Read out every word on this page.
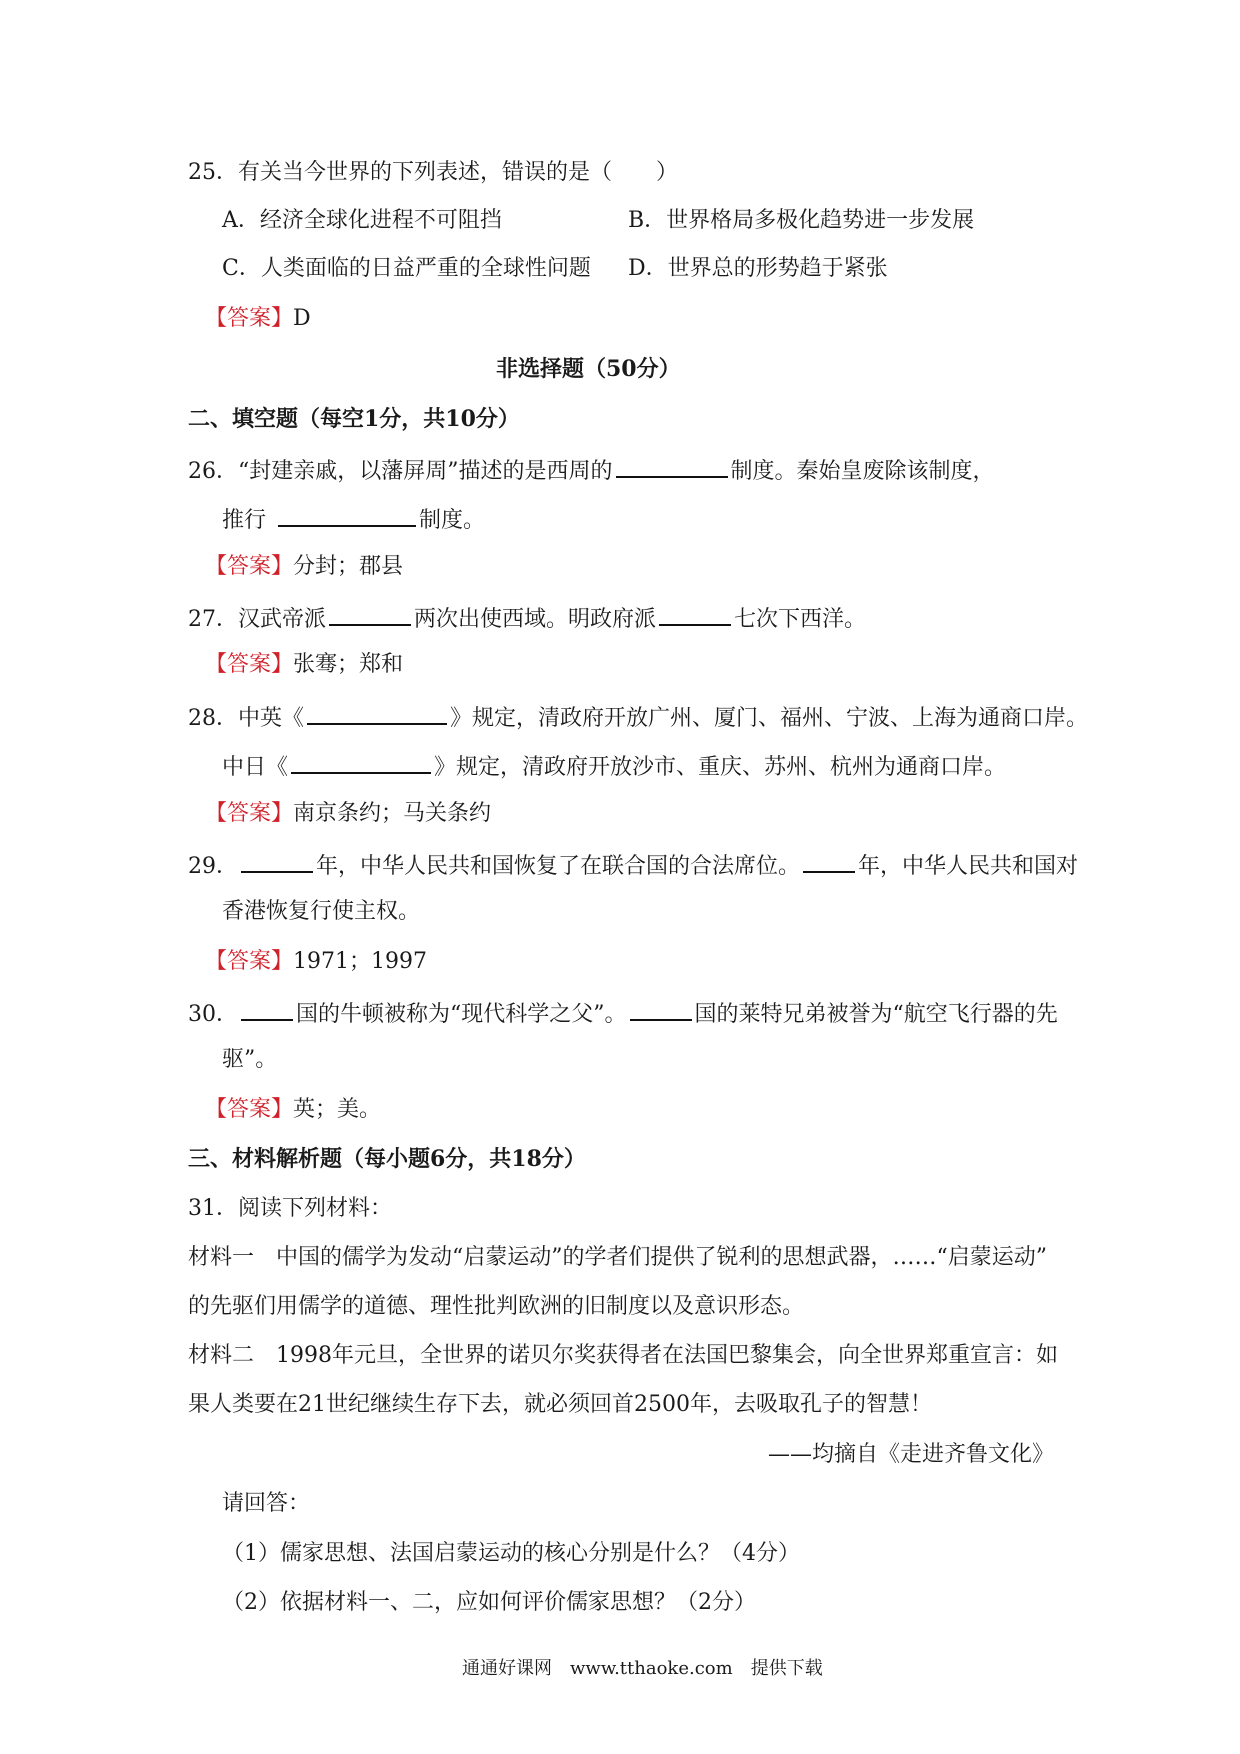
25．有关当今世界的下列表述，错误的是（　　）
A．经济全球化进程不可阻挡	B．世界格局多极化趋势进一步发展
C．人类面临的日益严重的全球性问题 D．世界总的形势趋于紧张
【答案】D
非选择题（50分）
二、填空题（每空1分，共10分）
26．“封建亲戚，以藩屏周”描述的是西周的	制度。秦始皇废除该制度，
推行	制度。
【答案】分封；郡县
27．汉武帝派	两次出使西域。明政府派	七次下西洋。
【答案】张骞；郑和
28．中英《	》规定，清政府开放广州、厦门、福州、宁波、上海为通商口岸。
中日《	》规定，清政府开放沙市、重庆、苏州、杭州为通商口岸。
【答案】南京条约；马关条约
29．	年，中华人民共和国恢复了在联合国的合法席位。	年，中华人民共和国对
香港恢复行使主权。
【答案】1971；1997
30．	国的牛顿被称为“现代科学之父”。	国的莱特兄弟被誉为“航空飞行器的先
驱”。
【答案】英；美。
三、材料解析题（每小题6分，共18分）
31．阅读下列材料：
材料一　中国的儒学为发动“启蒙运动”的学者们提供了锐利的思想武器，……“启蒙运动”
的先驱们用儒学的道德、理性批判欧洲的旧制度以及意识形态。
材料二　1998年元旦，全世界的诺贝尔奖获得者在法国巴黎集会，向全世界郑重宣言：如
果人类要在21世纪继续生存下去，就必须回首2500年，去吸取孔子的智慧！
——均摘自《走进齐鲁文化》
请回答：
（1）儒家思想、法国启蒙运动的核心分别是什么？（4分）
（2）依据材料一、二，应如何评价儒家思想？（2分）
通通好课网　www.tthaoke.com　提供下载
